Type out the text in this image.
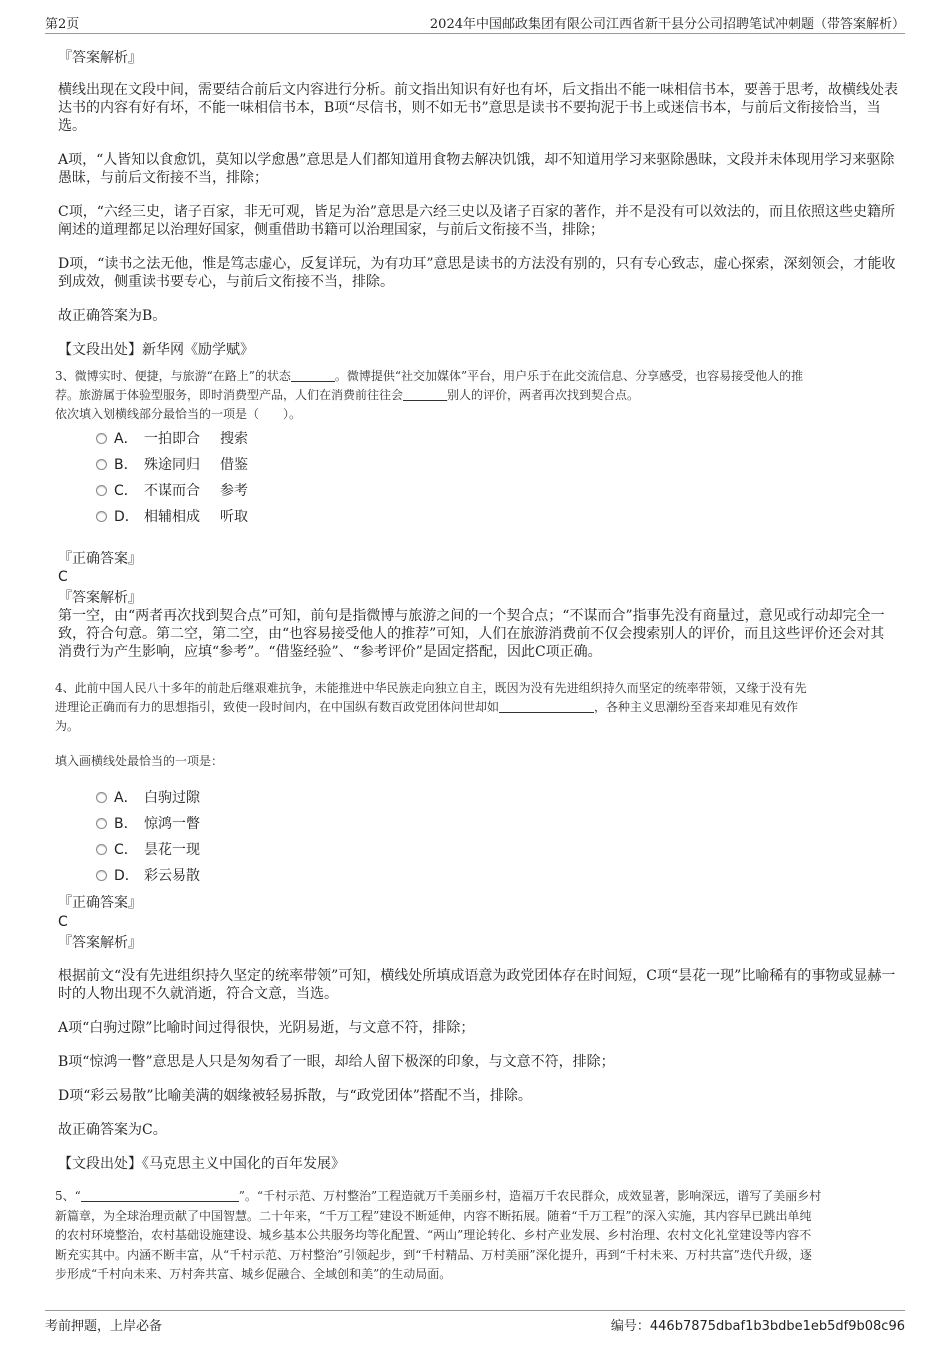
第2页	2024年中国邮政集团有限公司江西省新干县分公司招聘笔试冲刺题（带答案解析）
『答案解析』
横线出现在文段中间，需要结合前后文内容进行分析。前文指出知识有好也有坏，后文指出不能一味相信书本，要善于思考，故横线处表达书的内容有好有坏，不能一味相信书本，B项“尽信书，则不如无书”意思是读书不要拘泥于书上或迷信书本，与前后文衔接恰当，当选。
A项，“人皆知以食愈饥，莫知以学愈愚”意思是人们都知道用食物去解决饥饿，却不知道用学习来驱除愚昧，文段并未体现用学习来驱除愚昧，与前后文衔接不当，排除；
C项，“六经三史，诸子百家，非无可观，皆足为治”意思是六经三史以及诸子百家的著作，并不是没有可以效法的，而且依照这些史籍所阐述的道理都足以治理好国家，侧重借助书籍可以治理国家，与前后文衔接不当，排除；
D项，“读书之法无他，惟是笃志虚心，反复详玩，为有功耳”意思是读书的方法没有别的，只有专心致志，虚心探索，深刻领会，才能收到成效，侧重读书要专心，与前后文衔接不当，排除。
故正确答案为B。
【文段出处】新华网《励学赋》
3、微博实时、便捷，与旅游“在路上”的状态	。微博提供“社交加媒体”平台，用户乐于在此交流信息、分享感受，也容易接受他人的推
荐。旅游属于体验型服务，即时消费型产品，人们在消费前往往会	别人的评价，两者再次找到契合点。
依次填入划横线部分最恰当的一项是（　　）。
A． 一拍即合 搜索
B． 殊途同归 借鉴
C． 不谋而合 参考
D． 相辅相成 听取
『正确答案』
C
『答案解析』
第一空，由“两者再次找到契合点”可知，前句是指微博与旅游之间的一个契合点；“不谋而合”指事先没有商量过，意见或行动却完全一致，符合句意。第二空，第二空，由“也容易接受他人的推荐”可知，人们在旅游消费前不仅会搜索别人的评价，而且这些评价还会对其消费行为产生影响，应填“参考”。“借鉴经验”、“参考评价”是固定搭配，因此C项正确。
4、此前中国人民八十多年的前赴后继艰难抗争，未能推进中华民族走向独立自主，既因为没有先进组织持久而坚定的统率带领，又缘于没有先
进理论正确而有力的思想指引，致使一段时间内，在中国纵有数百政党团体问世却如	，各种主义思潮纷至沓来却难见有效作
为。
填入画横线处最恰当的一项是：
A． 白驹过隙
B． 惊鸿一瞥
C． 昙花一现
D． 彩云易散
『正确答案』
C
『答案解析』
根据前文“没有先进组织持久坚定的统率带领”可知，横线处所填成语意为政党团体存在时间短，C项“昙花一现”比喻稀有的事物或显赫一时的人物出现不久就消逝，符合文意，当选。
A项“白驹过隙”比喻时间过得很快，光阴易逝，与文意不符，排除；
B项“惊鸿一瞥”意思是人只是匆匆看了一眼，却给人留下极深的印象，与文意不符，排除；
D项“彩云易散”比喻美满的姻缘被轻易拆散，与“政党团体”搭配不当，排除。
故正确答案为C。
【文段出处】《马克思主义中国化的百年发展》
5、“	”。“千村示范、万村整治”工程造就万千美丽乡村，造福万千农民群众，成效显著，影响深远，谱写了美丽乡村
新篇章，为全球治理贡献了中国智慧。二十年来，“千万工程”建设不断延伸，内容不断拓展。随着“千万工程”的深入实施，其内容早已跳出单纯
的农村环境整治，农村基础设施建设、城乡基本公共服务均等化配置、“两山”理论转化、乡村产业发展、乡村治理、农村文化礼堂建设等内容不
断充实其中。内涵不断丰富，从“千村示范、万村整治”引领起步，到“千村精品、万村美丽”深化提升，再到“千村未来、万村共富”迭代升级，逐
步形成“千村向未来、万村奔共富、城乡促融合、全域创和美”的生动局面。
考前押题，上岸必备	编号：446b7875dbaf1b3bdbe1eb5df9b08c96
